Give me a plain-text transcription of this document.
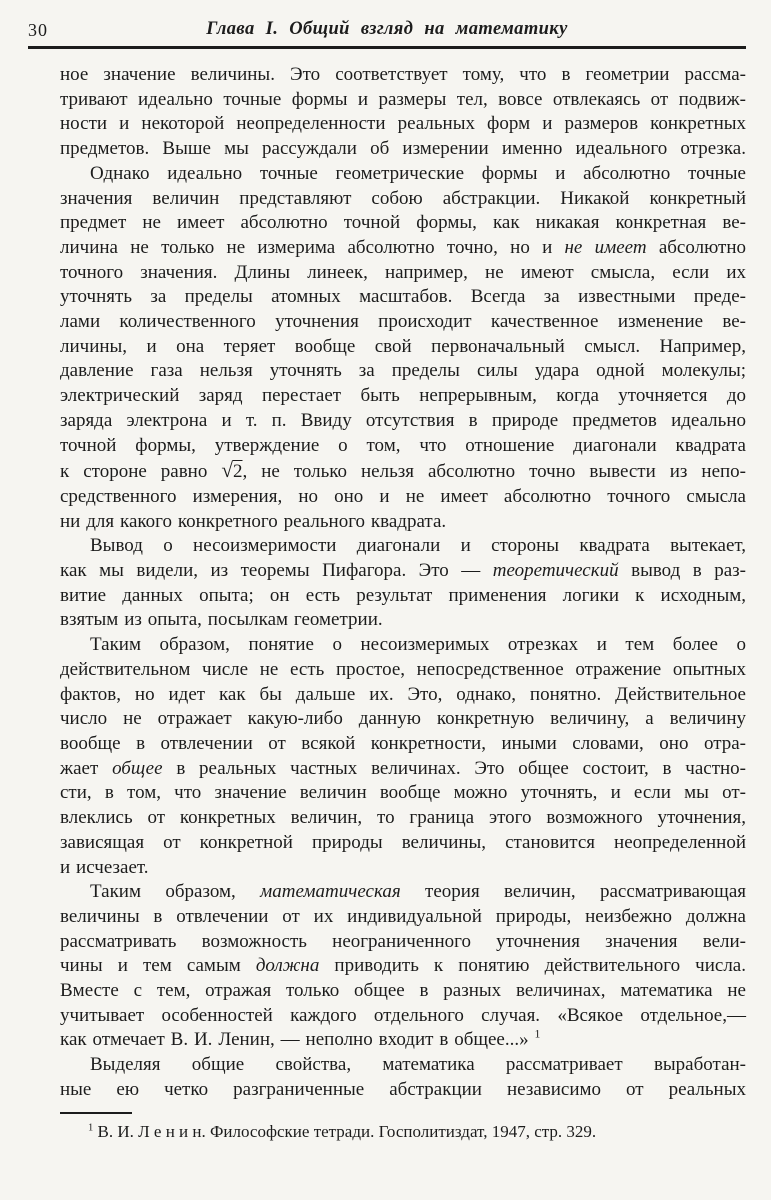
30	Глава I. Общий взгляд на математику
ное значение величины. Это соответствует тому, что в геометрии рассма-
тривают идеально точные формы и размеры тел, вовсе отвлекаясь от подвиж-
ности и некоторой неопределенности реальных форм и размеров конкретных
предметов. Выше мы рассуждали об измерении именно идеального отрезка.
Однако идеально точные геометрические формы и абсолютно точные
значения величин представляют собою абстракции. Никакой конкретный
предмет не имеет абсолютно точной формы, как никакая конкретная ве-
личина не только не измерима абсолютно точно, но и не имеет абсолютно
точного значения. Длины линеек, например, не имеют смысла, если их
уточнять за пределы атомных масштабов. Всегда за известными преде-
лами количественного уточнения происходит качественное изменение ве-
личины, и она теряет вообще свой первоначальный смысл. Например,
давление газа нельзя уточнять за пределы силы удара одной молекулы;
электрический заряд перестает быть непрерывным, когда уточняется до
заряда электрона и т. п. Ввиду отсутствия в природе предметов идеально
точной формы, утверждение о том, что отношение диагонали квадрата
к стороне равно √2, не только нельзя абсолютно точно вывести из непо-
средственного измерения, но оно и не имеет абсолютно точного смысла
ни для какого конкретного реального квадрата.
Вывод о несоизмеримости диагонали и стороны квадрата вытекает,
как мы видели, из теоремы Пифагора. Это — теоретический вывод в раз-
витие данных опыта; он есть результат применения логики к исходным,
взятым из опыта, посылкам геометрии.
Таким образом, понятие о несоизмеримых отрезках и тем более о
действительном числе не есть простое, непосредственное отражение опытных
фактов, но идет как бы дальше их. Это, однако, понятно. Действительное
число не отражает какую-либо данную конкретную величину, а величину
вообще в отвлечении от всякой конкретности, иными словами, оно отра-
жает общее в реальных частных величинах. Это общее состоит, в частно-
сти, в том, что значение величин вообще можно уточнять, и если мы от-
влеклись от конкретных величин, то граница этого возможного уточнения,
зависящая от конкретной природы величины, становится неопределенной
и исчезает.
Таким образом, математическая теория величин, рассматривающая
величины в отвлечении от их индивидуальной природы, неизбежно должна
рассматривать возможность неограниченного уточнения значения вели-
чины и тем самым должна приводить к понятию действительного числа.
Вместе с тем, отражая только общее в разных величинах, математика не
учитывает особенностей каждого отдельного случая. «Всякое отдельное,—
как отмечает В. И. Ленин, — неполно входит в общее...» $^1$
Выделяя общие свойства, математика рассматривает выработан-
ные ею четко разграниченные абстракции независимо от реальных
$^1$ В. И. Л е н и н. Философские тетради. Госполитиздат, 1947, стр. 329.
